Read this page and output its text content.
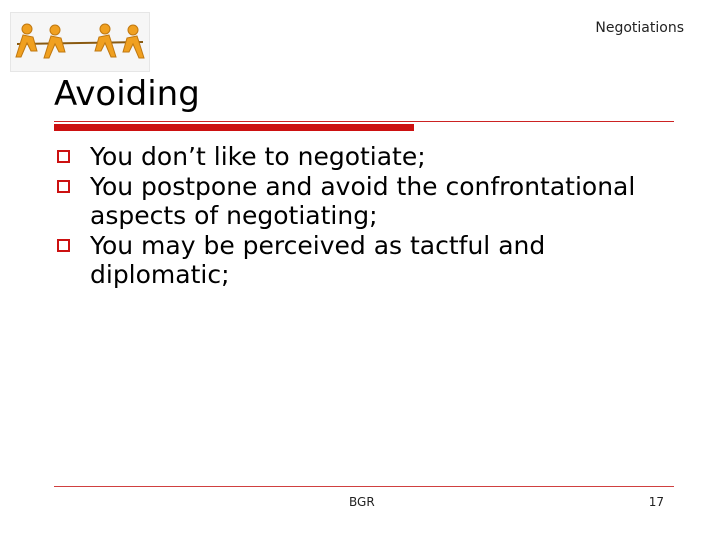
Negotiations
Avoiding
You don’t like to negotiate;
You postpone and avoid the confrontational aspects of negotiating;
You may be perceived as tactful and diplomatic;
BGR	17
